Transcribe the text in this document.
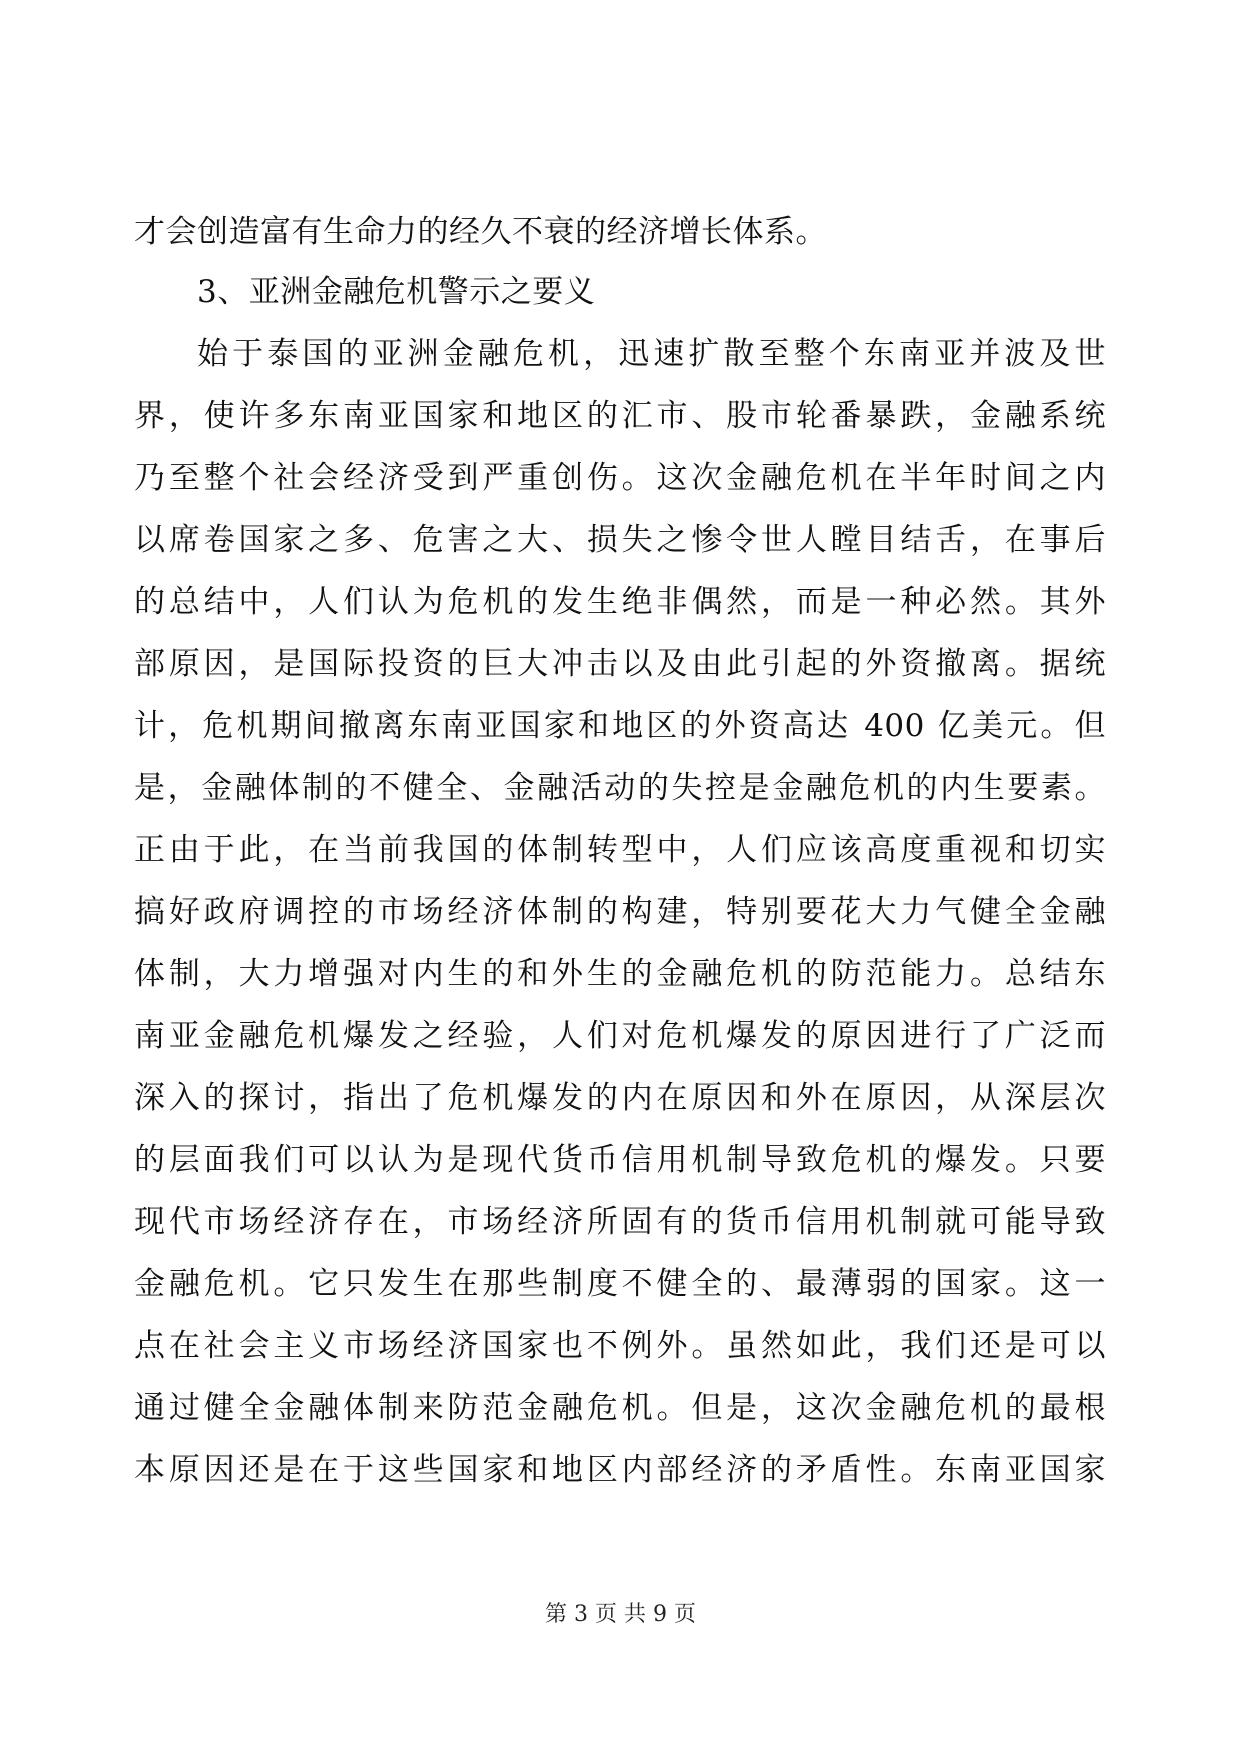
才会创造富有生命力的经久不衰的经济增长体系。
3、亚洲金融危机警示之要义
始于泰国的亚洲金融危机，迅速扩散至整个东南亚并波及世
界，使许多东南亚国家和地区的汇市、股市轮番暴跌，金融系统
乃至整个社会经济受到严重创伤。这次金融危机在半年时间之内
以席卷国家之多、危害之大、损失之惨令世人瞠目结舌，在事后
的总结中，人们认为危机的发生绝非偶然，而是一种必然。其外
部原因，是国际投资的巨大冲击以及由此引起的外资撤离。据统
计，危机期间撤离东南亚国家和地区的外资高达 400 亿美元。但
是，金融体制的不健全、金融活动的失控是金融危机的内生要素。
正由于此，在当前我国的体制转型中，人们应该高度重视和切实
搞好政府调控的市场经济体制的构建，特别要花大力气健全金融
体制，大力增强对内生的和外生的金融危机的防范能力。总结东
南亚金融危机爆发之经验，人们对危机爆发的原因进行了广泛而
深入的探讨，指出了危机爆发的内在原因和外在原因，从深层次
的层面我们可以认为是现代货币信用机制导致危机的爆发。只要
现代市场经济存在，市场经济所固有的货币信用机制就可能导致
金融危机。它只发生在那些制度不健全的、最薄弱的国家。这一
点在社会主义市场经济国家也不例外。虽然如此，我们还是可以
通过健全金融体制来防范金融危机。但是，这次金融危机的最根
本原因还是在于这些国家和地区内部经济的矛盾性。东南亚国家
第 3 页 共 9 页
